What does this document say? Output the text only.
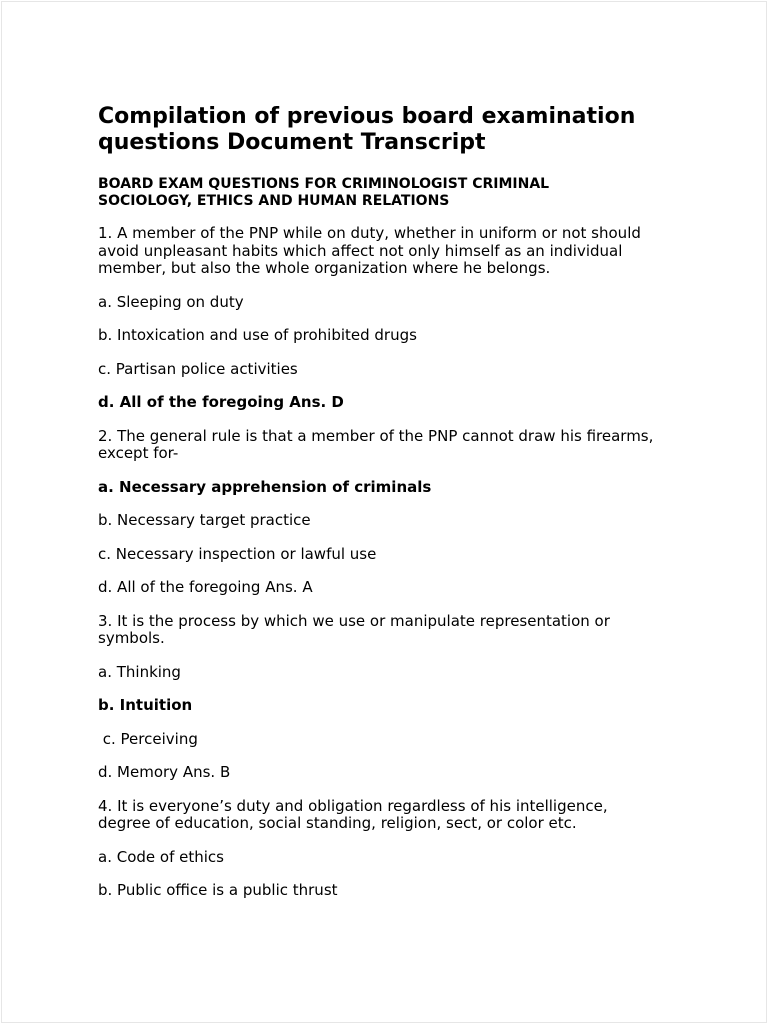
Compilation of previous board examination
questions Document Transcript
BOARD EXAM QUESTIONS FOR CRIMINOLOGIST CRIMINAL
SOCIOLOGY, ETHICS AND HUMAN RELATIONS
1. A member of the PNP while on duty, whether in uniform or not should
avoid unpleasant habits which affect not only himself as an individual
member, but also the whole organization where he belongs.
a. Sleeping on duty
b. Intoxication and use of prohibited drugs
c. Partisan police activities
d. All of the foregoing Ans. D
2. The general rule is that a member of the PNP cannot draw his firearms,
except for-
a. Necessary apprehension of criminals
b. Necessary target practice
c. Necessary inspection or lawful use
d. All of the foregoing Ans. A
3. It is the process by which we use or manipulate representation or
symbols.
a. Thinking
b. Intuition
c. Perceiving
d. Memory Ans. B
4. It is everyone’s duty and obligation regardless of his intelligence,
degree of education, social standing, religion, sect, or color etc.
a. Code of ethics
b. Public office is a public thrust
